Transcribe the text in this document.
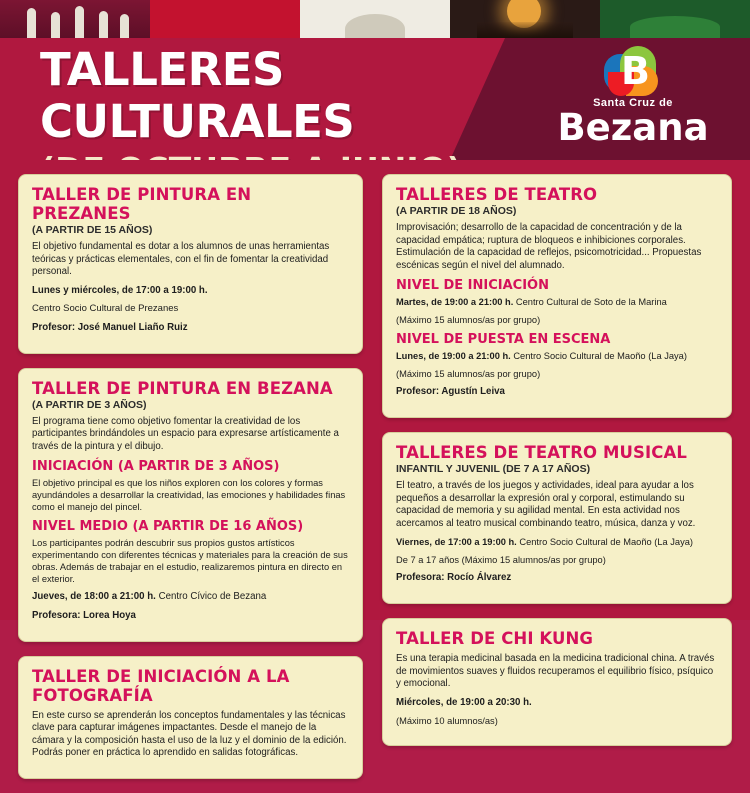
TALLERES CULTURALES
B
Santa Cruz de
Bezana
TALLER DE PINTURA EN PREZANES
(A PARTIR DE 15 AÑOS)

El objetivo fundamental es dotar a los alumnos de unas herramientas teóricas y prácticas elementales, con el fin de fomentar la creatividad personal.

Lunes y miércoles, de 17:00 a 19:00 h.

Centro Socio Cultural de Prezanes

Profesor: José Manuel Liaño Ruiz

TALLER DE PINTURA EN BEZANA
(A PARTIR DE 3 AÑOS)

El programa tiene como objetivo fomentar la creatividad de los participantes brindándoles un espacio para expresarse artísticamente a través de la pintura y el dibujo.

INICIACIÓN (A PARTIR DE 3 AÑOS)

El objetivo principal es que los niños exploren con los colores y formas ayundándoles a desarrollar la creatividad, las emociones y habilidades finas como el manejo del pincel.

NIVEL MEDIO (A PARTIR DE 16 AÑOS)

Los participantes podrán descubrir sus propios gustos artísticos experimentando con diferentes técnicas y materiales para la creación de sus obras. Además de trabajar en el estudio, realizaremos pintura en directo en el exterior.

Jueves, de 18:00 a 21:00 h. Centro Cívico de Bezana

Profesora: Lorea Hoya

TALLER DE INICIACIÓN A LA FOTOGRAFÍA

En este curso se aprenderán los conceptos fundamentales y las técnicas clave para capturar imágenes impactantes. Desde el manejo de la cámara y la composición hasta el uso de la luz y el dominio de la edición. Podrás poner en práctica lo aprendido en salidas fotográficas.

TALLERES DE TEATRO
(A PARTIR DE 18 AÑOS)

Improvisación; desarrollo de la capacidad de concentración y de la capacidad empática; ruptura de bloqueos e inhibiciones corporales. Estimulación de la capacidad de reflejos, psicomotricidad... Propuestas escénicas según el nivel del alumnado.

NIVEL DE INICIACIÓN

Martes, de 19:00 a 21:00 h. Centro Cultural de Soto de la Marina

(Máximo 15 alumnos/as por grupo)

NIVEL DE PUESTA EN ESCENA

Lunes, de 19:00 a 21:00 h. Centro Socio Cultural de Maoño (La Jaya)

(Máximo 15 alumnos/as por grupo)

Profesor: Agustín Leiva

TALLERES DE TEATRO MUSICAL
INFANTIL Y JUVENIL (DE 7 A 17 AÑOS)

El teatro, a través de los juegos y actividades, ideal para ayudar a los pequeños a desarrollar la expresión oral y corporal, estimulando su capacidad de memoria y su agilidad mental. En esta actividad nos acercamos al teatro musical combinando teatro, música, danza y voz.

Viernes, de 17:00 a 19:00 h. Centro Socio Cultural de Maoño (La Jaya)

De 7 a 17 años (Máximo 15 alumnos/as por grupo)

Profesora: Rocío Álvarez

TALLER DE CHI KUNG

Es una terapia medicinal basada en la medicina tradicional china. A través de movimientos suaves y fluidos recuperamos el equilibrio físico, psíquico y emocional.

Miércoles, de 19:00 a 20:30 h.

(Máximo 10 alumnos/as)
